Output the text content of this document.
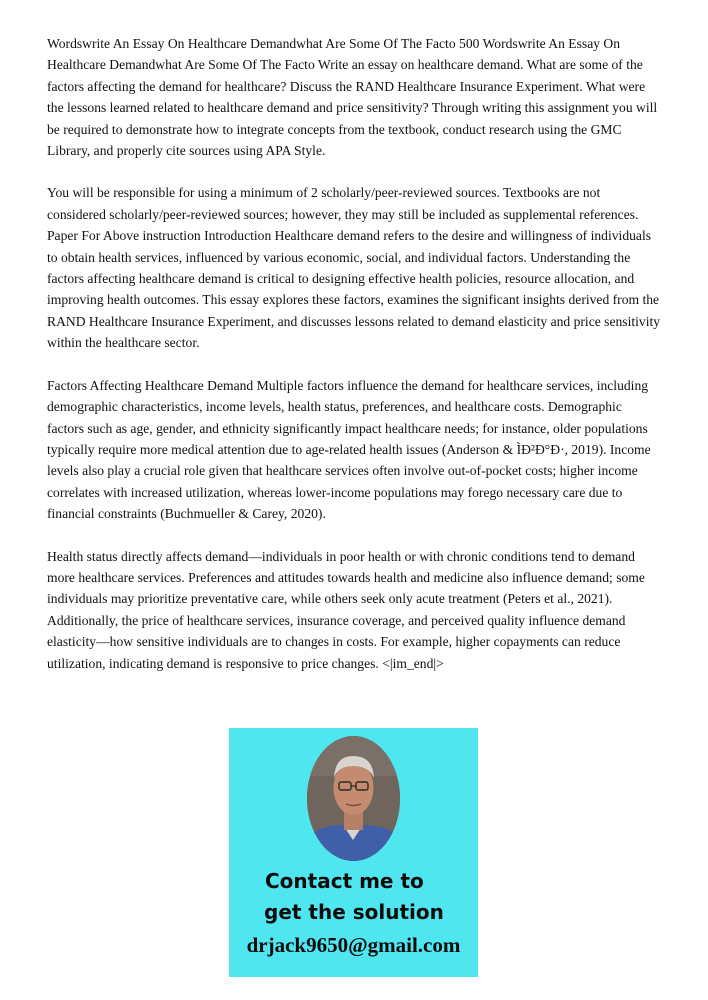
Wordswrite An Essay On Healthcare Demandwhat Are Some Of The Facto 500 Wordswrite An Essay On Healthcare Demandwhat Are Some Of The Facto Write an essay on healthcare demand. What are some of the factors affecting the demand for healthcare? Discuss the RAND Healthcare Insurance Experiment. What were the lessons learned related to healthcare demand and price sensitivity? Through writing this assignment you will be required to demonstrate how to integrate concepts from the textbook, conduct research using the GMC Library, and properly cite sources using APA Style.

You will be responsible for using a minimum of 2 scholarly/peer-reviewed sources. Textbooks are not considered scholarly/peer-reviewed sources; however, they may still be included as supplemental references. Paper For Above instruction Introduction Healthcare demand refers to the desire and willingness of individuals to obtain health services, influenced by various economic, social, and individual factors. Understanding the factors affecting healthcare demand is critical to designing effective health policies, resource allocation, and improving health outcomes. This essay explores these factors, examines the significant insights derived from the RAND Healthcare Insurance Experiment, and discusses lessons related to demand elasticity and price sensitivity within the healthcare sector.

Factors Affecting Healthcare Demand Multiple factors influence the demand for healthcare services, including demographic characteristics, income levels, health status, preferences, and healthcare costs. Demographic factors such as age, gender, and ethnicity significantly impact healthcare needs; for instance, older populations typically require more medical attention due to age-related health issues (Anderson & ÌÐ²Ð°Ð·, 2019). Income levels also play a crucial role given that healthcare services often involve out-of-pocket costs; higher income correlates with increased utilization, whereas lower-income populations may forego necessary care due to financial constraints (Buchmueller & Carey, 2020).

Health status directly affects demand—individuals in poor health or with chronic conditions tend to demand more healthcare services. Preferences and attitudes towards health and medicine also influence demand; some individuals may prioritize preventative care, while others seek only acute treatment (Peters et al., 2021). Additionally, the price of healthcare services, insurance coverage, and perceived quality influence demand elasticity—how sensitive individuals are to changes in costs. For example, higher copayments can reduce utilization, indicating demand is responsive to price changes. <|im_end|>

Contact me to
get the solution
drjack9650@gmail.com
